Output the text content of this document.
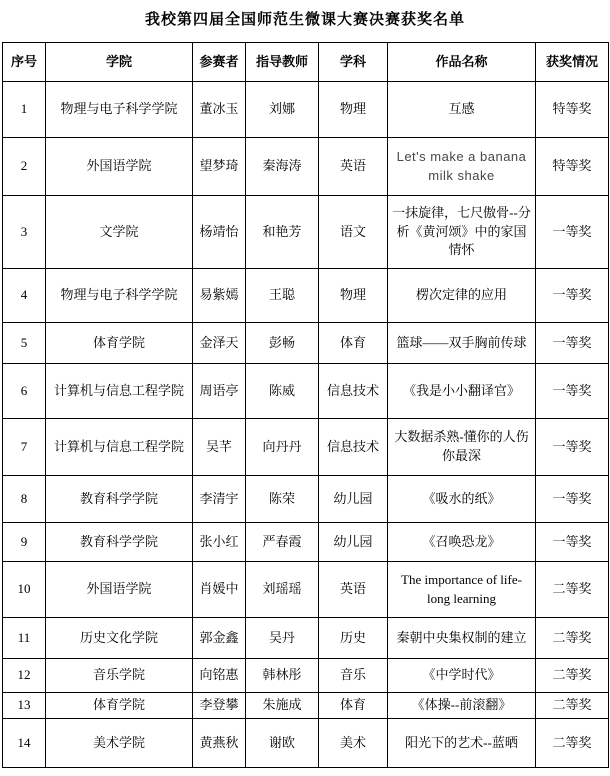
我校第四届全国师范生微课大赛决赛获奖名单
序号	学院	参赛者	指导教师	学科	作品名称	获奖情况
1	物理与电子科学学院	董冰玉	刘娜	物理	互感	特等奖
2	外国语学院	望梦琦	秦海涛	英语	Let's make a banana milk shake	特等奖
3	文学院	杨靖怡	和艳芳	语文	一抹旋律，七尺傲骨--分析《黄河颂》中的家国情怀	一等奖
4	物理与电子科学学院	易紫嫣	王聪	物理	楞次定律的应用	一等奖
5	体育学院	金泽天	彭畅	体育	篮球——双手胸前传球	一等奖
6	计算机与信息工程学院	周语亭	陈威	信息技术	《我是小小翻译官》	一等奖
7	计算机与信息工程学院	吴芊	向丹丹	信息技术	大数据杀熟-懂你的人伤你最深	一等奖
8	教育科学学院	李清宇	陈荣	幼儿园	《吸水的纸》	一等奖
9	教育科学学院	张小红	严春霞	幼儿园	《召唤恐龙》	一等奖
10	外国语学院	肖媛中	刘瑶瑶	英语	The importance of life-long learning	二等奖
11	历史文化学院	郭金鑫	吴丹	历史	秦朝中央集权制的建立	二等奖
12	音乐学院	向铭惠	韩林彤	音乐	《中学时代》	二等奖
13	体育学院	李登攀	朱施成	体育	《体操--前滚翻》	二等奖
14	美术学院	黄燕秋	谢欧	美术	阳光下的艺术--蓝晒	二等奖
